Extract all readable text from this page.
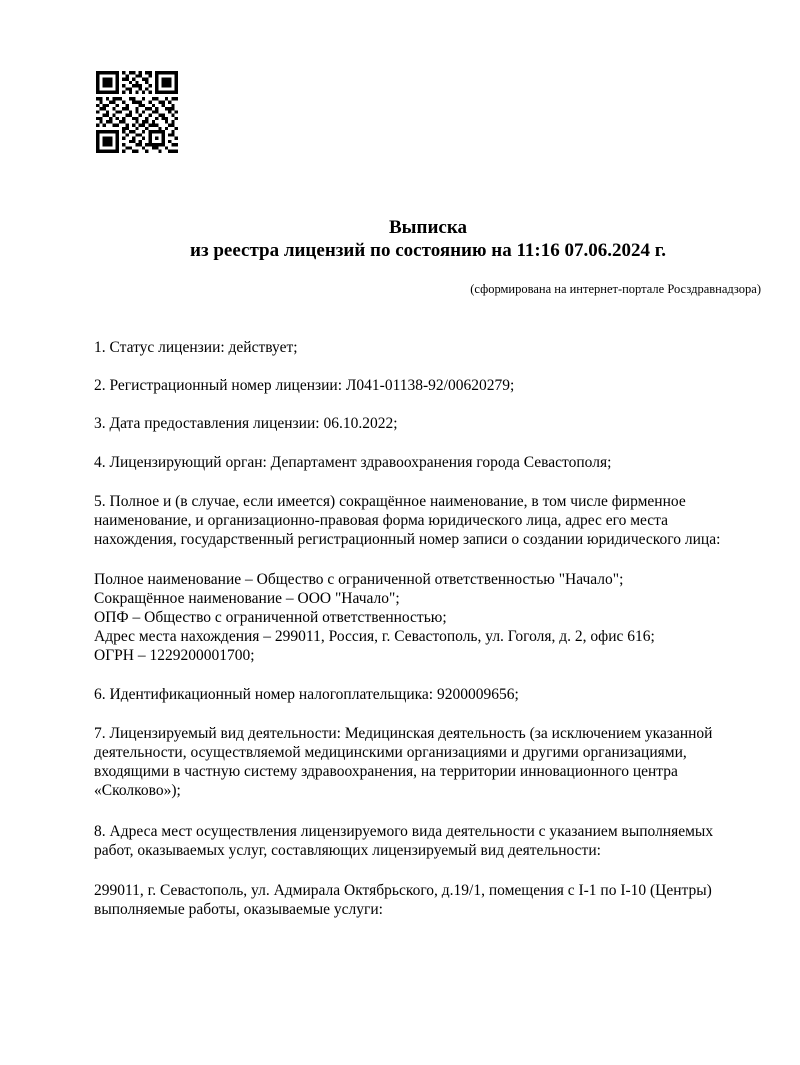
Выписка
из реестра лицензий по состоянию на 11:16 07.06.2024 г.
(сформирована на интернет-портале Росздравнадзора)
1. Статус лицензии: действует;
2. Регистрационный номер лицензии: Л041-01138-92/00620279;
3. Дата предоставления лицензии: 06.10.2022;
4. Лицензирующий орган: Департамент здравоохранения города Севастополя;
5. Полное и (в случае, если имеется) сокращённое наименование, в том числе фирменное
наименование, и организационно-правовая форма юридического лица, адрес его места
нахождения, государственный регистрационный номер записи о создании юридического лица:
Полное наименование – Общество с ограниченной ответственностью "Начало";
Сокращённое наименование – ООО "Начало";
ОПФ – Общество с ограниченной ответственностью;
Адрес места нахождения – 299011, Россия, г. Севастополь, ул. Гоголя, д. 2, офис 616;
ОГРН – 1229200001700;
6. Идентификационный номер налогоплательщика: 9200009656;
7. Лицензируемый вид деятельности: Медицинская деятельность (за исключением указанной
деятельности, осуществляемой медицинскими организациями и другими организациями,
входящими в частную систему здравоохранения, на территории инновационного центра
«Сколково»);
8. Адреса мест осуществления лицензируемого вида деятельности с указанием выполняемых
работ, оказываемых услуг, составляющих лицензируемый вид деятельности:
299011, г. Севастополь, ул. Адмирала Октябрьского, д.19/1, помещения с I-1 по I-10 (Центры)
выполняемые работы, оказываемые услуги:
